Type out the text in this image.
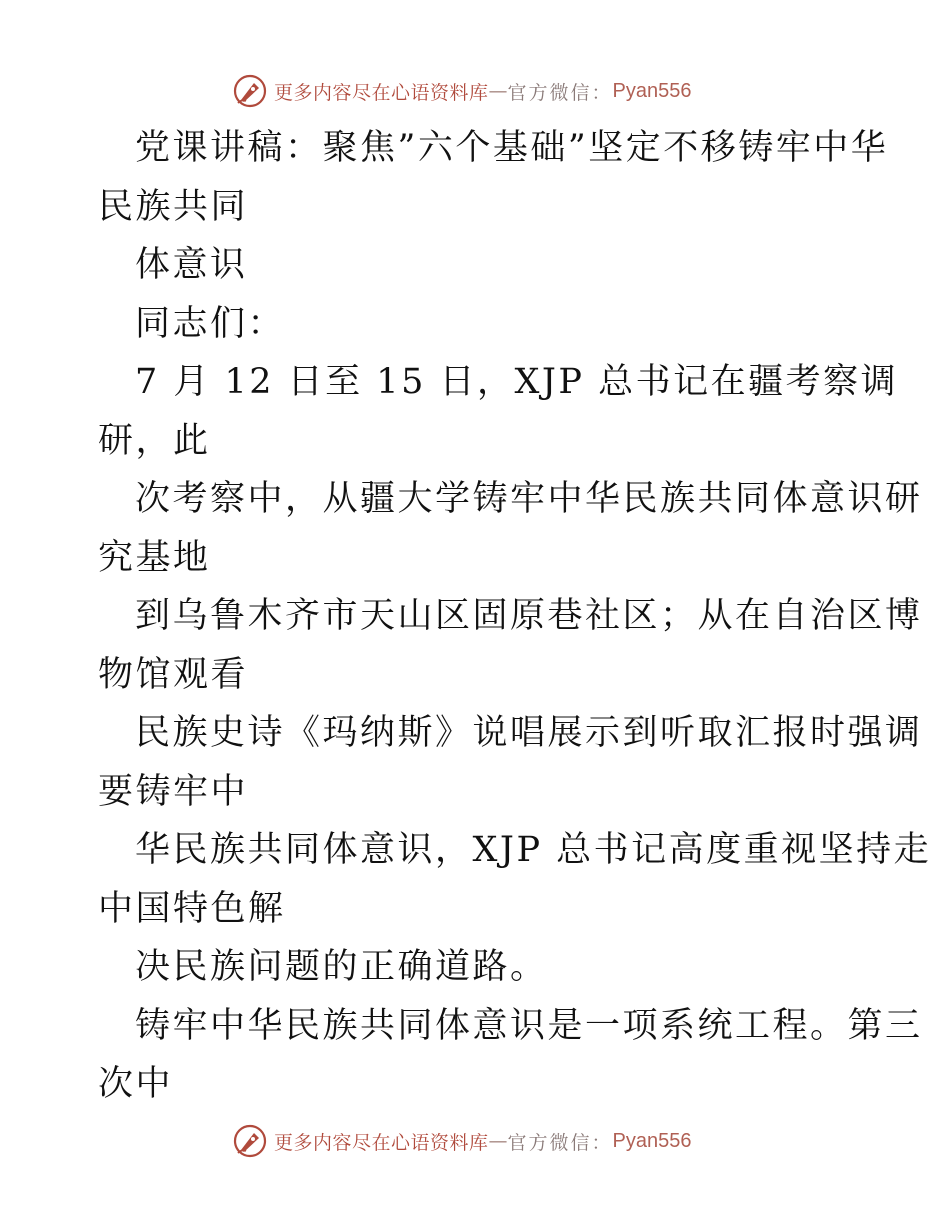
更多内容尽在心语资料库 — 官方微信： Pyan556
党课讲稿：聚焦”六个基础”坚定不移铸牢中华
民族共同
体意识
同志们：
7 月 12 日至 15 日，XJP 总书记在疆考察调
研，此
次考察中，从疆大学铸牢中华民族共同体意识研
究基地
到乌鲁木齐市天山区固原巷社区；从在自治区博
物馆观看
民族史诗《玛纳斯》说唱展示到听取汇报时强调
要铸牢中
华民族共同体意识，XJP 总书记高度重视坚持走
中国特色解
决民族问题的正确道路。
铸牢中华民族共同体意识是一项系统工程。第三
次中
更多内容尽在心语资料库 — 官方微信： Pyan556
